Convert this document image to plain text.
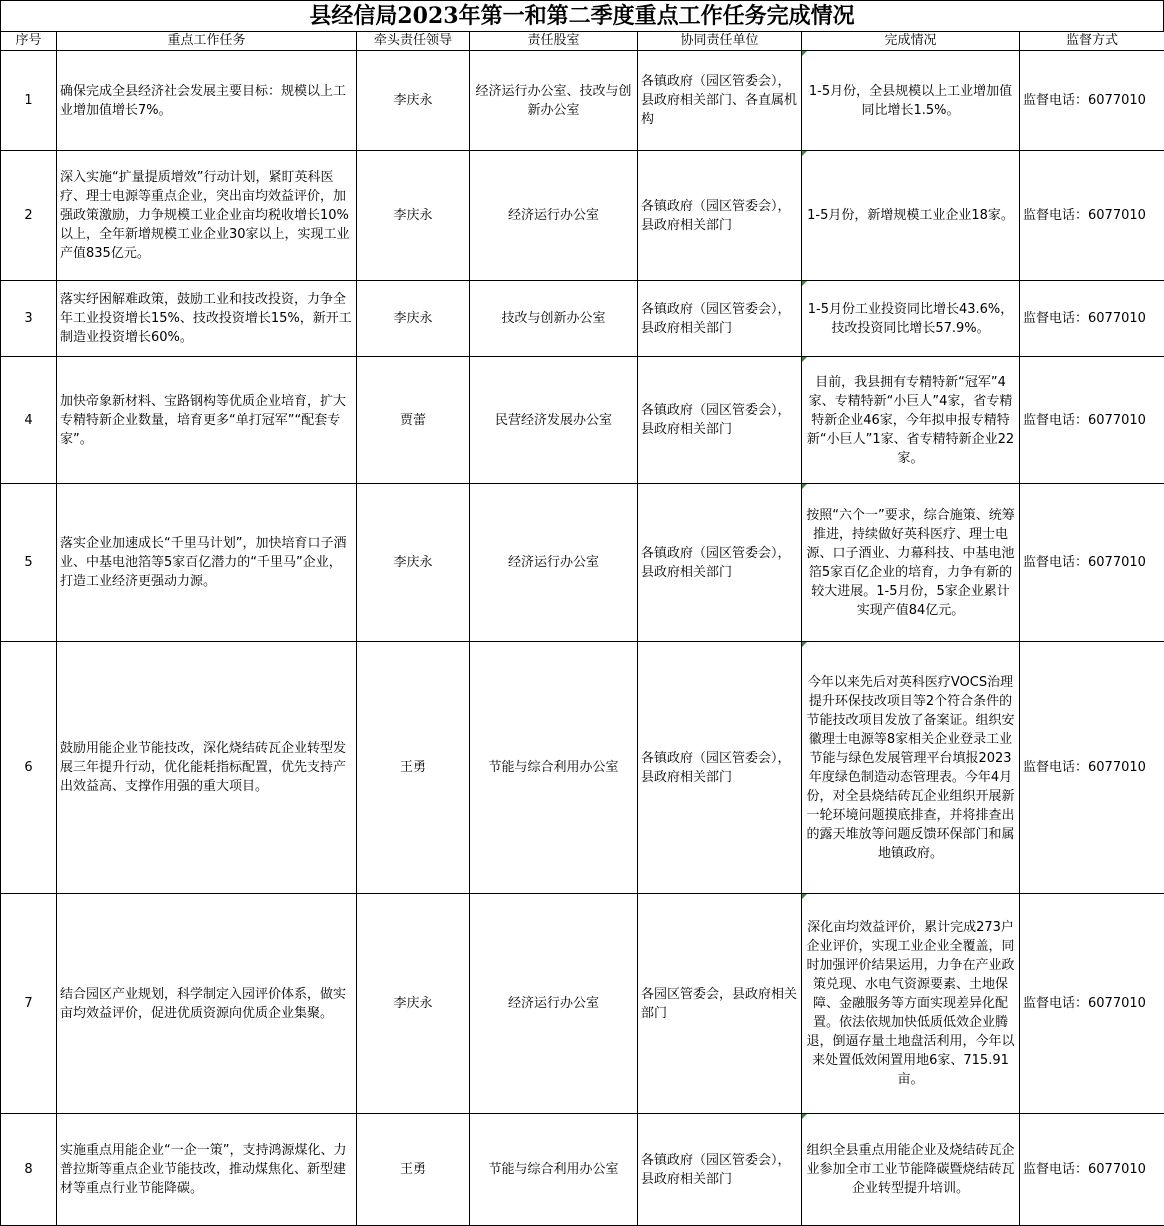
县经信局2023年第一和第二季度重点工作任务完成情况
序号	重点工作任务	牵头责任领导	责任股室	协同责任单位	完成情况	监督方式
1	确保完成全县经济社会发展主要目标：规模以上工业增加值增长7%。	李庆永	经济运行办公室、技改与创新办公室	各镇政府（园区管委会），县政府相关部门、各直属机构	1-5月份，全县规模以上工业增加值同比增长1.5%。	监督电话：6077010
2	深入实施“扩量提质增效”行动计划，紧盯英科医疗、理士电源等重点企业，突出亩均效益评价，加强政策激励，力争规模工业企业亩均税收增长10%以上，全年新增规模工业企业30家以上，实现工业产值835亿元。	李庆永	经济运行办公室	各镇政府（园区管委会），县政府相关部门	1-5月份，新增规模工业企业18家。	监督电话：6077010
3	落实纾困解难政策，鼓励工业和技改投资，力争全年工业投资增长15%、技改投资增长15%，新开工制造业投资增长60%。	李庆永	技改与创新办公室	各镇政府（园区管委会），县政府相关部门	1-5月份工业投资同比增长43.6%，技改投资同比增长57.9%。	监督电话：6077010
4	加快帝象新材料、宝路钢构等优质企业培育，扩大专精特新企业数量，培育更多“单打冠军”“配套专家”。	贾蕾	民营经济发展办公室	各镇政府（园区管委会），县政府相关部门	目前，我县拥有专精特新“冠军”4家、专精特新“小巨人”4家，省专精特新企业46家，今年拟申报专精特新“小巨人”1家、省专精特新企业22家。	监督电话：6077010
5	落实企业加速成长“千里马计划”，加快培育口子酒业、中基电池箔等5家百亿潜力的“千里马”企业，打造工业经济更强动力源。	李庆永	经济运行办公室	各镇政府（园区管委会），县政府相关部门	按照“六个一”要求，综合施策、统筹推进，持续做好英科医疗、理士电源、口子酒业、力幕科技、中基电池箔5家百亿企业的培育，力争有新的较大进展。1-5月份，5家企业累计实现产值84亿元。	监督电话：6077010
6	鼓励用能企业节能技改，深化烧结砖瓦企业转型发展三年提升行动，优化能耗指标配置，优先支持产出效益高、支撑作用强的重大项目。	王勇	节能与综合利用办公室	各镇政府（园区管委会），县政府相关部门	今年以来先后对英科医疗VOCS治理提升环保技改项目等2个符合条件的节能技改项目发放了备案证。组织安徽理士电源等8家相关企业登录工业节能与绿色发展管理平台填报2023年度绿色制造动态管理表。今年4月份，对全县烧结砖瓦企业组织开展新一轮环境问题摸底排查，并将排查出的露天堆放等问题反馈环保部门和属地镇政府。	监督电话：6077010
7	结合园区产业规划，科学制定入园评价体系，做实亩均效益评价，促进优质资源向优质企业集聚。	李庆永	经济运行办公室	各园区管委会，县政府相关部门	深化亩均效益评价，累计完成273户企业评价，实现工业企业全覆盖，同时加强评价结果运用，力争在产业政策兑现、水电气资源要素、土地保障、金融服务等方面实现差异化配置。依法依规加快低质低效企业腾退，倒逼存量土地盘活利用，今年以来处置低效闲置用地6家、715.91亩。	监督电话：6077010
8	实施重点用能企业“一企一策”，支持鸿源煤化、力普拉斯等重点企业节能技改，推动煤焦化、新型建材等重点行业节能降碳。	王勇	节能与综合利用办公室	各镇政府（园区管委会），县政府相关部门	组织全县重点用能企业及烧结砖瓦企业参加全市工业节能降碳暨烧结砖瓦企业转型提升培训。	监督电话：6077010
